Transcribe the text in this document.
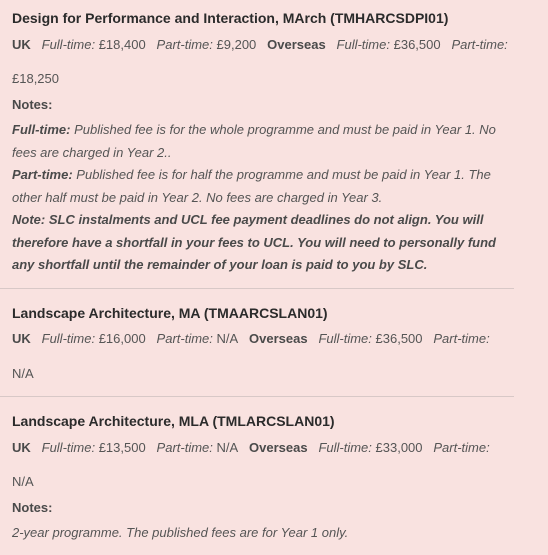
Design for Performance and Interaction, MArch (TMHARCSDPI01)
UK Full-time: £18,400 Part-time: £9,200 Overseas Full-time: £36,500 Part-time:
£18,250
Notes:
Full-time: Published fee is for the whole programme and must be paid in Year 1. No
fees are charged in Year 2..
Part-time: Published fee is for half the programme and must be paid in Year 1. The
other half must be paid in Year 2. No fees are charged in Year 3.
Note: SLC instalments and UCL fee payment deadlines do not align. You will
therefore have a shortfall in your fees to UCL. You will need to personally fund
any shortfall until the remainder of your loan is paid to you by SLC.
Landscape Architecture, MA (TMAARCSLAN01)
UK Full-time: £16,000 Part-time: N/A Overseas Full-time: £36,500 Part-time:
N/A
Landscape Architecture, MLA (TMLARCSLAN01)
UK Full-time: £13,500 Part-time: N/A Overseas Full-time: £33,000 Part-time:
N/A
Notes:
2-year programme. The published fees are for Year 1 only.
